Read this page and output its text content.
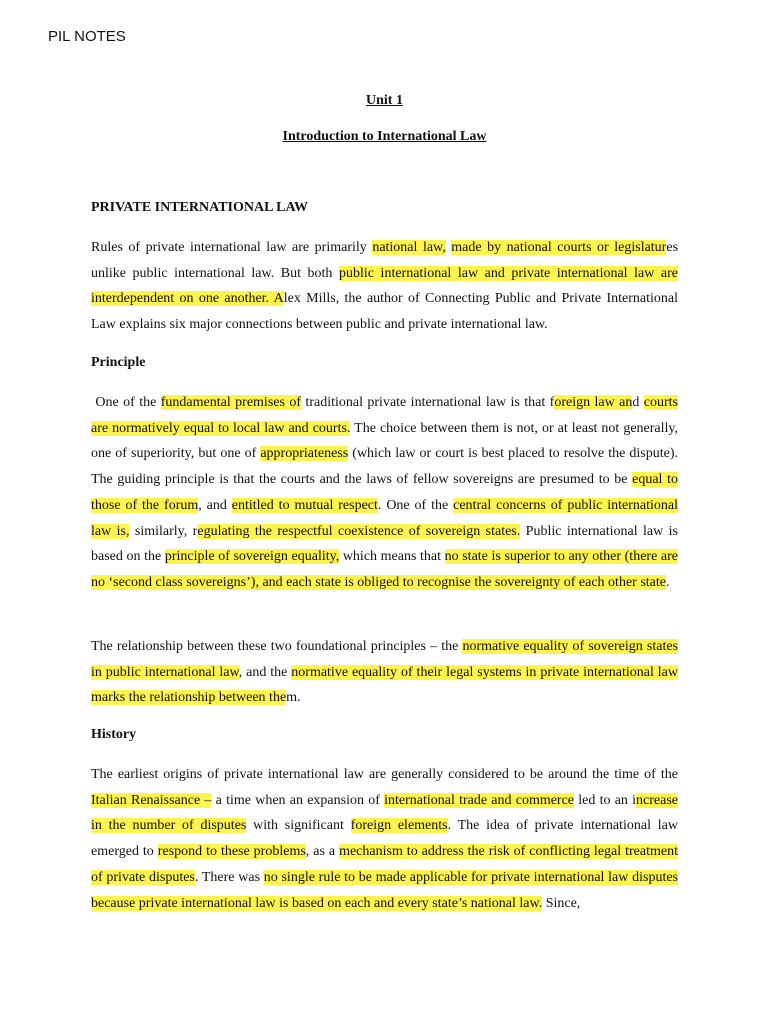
PIL NOTES
Unit 1
Introduction to International Law
PRIVATE INTERNATIONAL LAW

Rules of private international law are primarily national law, made by national courts or legislatures unlike public international law. But both public international law and private international law are interdependent on one another. Alex Mills, the author of Connecting Public and Private International Law explains six major connections between public and private international law.

Principle

One of the fundamental premises of traditional private international law is that foreign law and courts are normatively equal to local law and courts. The choice between them is not, or at least not generally, one of superiority, but one of appropriateness (which law or court is best placed to resolve the dispute). The guiding principle is that the courts and the laws of fellow sovereigns are presumed to be equal to those of the forum, and entitled to mutual respect. One of the central concerns of public international law is, similarly, regulating the respectful coexistence of sovereign states. Public international law is based on the principle of sovereign equality, which means that no state is superior to any other (there are no ‘second class sovereigns’), and each state is obliged to recognise the sovereignty of each other state.

The relationship between these two foundational principles – the normative equality of sovereign states in public international law, and the normative equality of their legal systems in private international law marks the relationship between them.

History

The earliest origins of private international law are generally considered to be around the time of the Italian Renaissance – a time when an expansion of international trade and commerce led to an increase in the number of disputes with significant foreign elements. The idea of private international law emerged to respond to these problems, as a mechanism to address the risk of conflicting legal treatment of private disputes. There was no single rule to be made applicable for private international law disputes because private international law is based on each and every state’s national law. Since,
